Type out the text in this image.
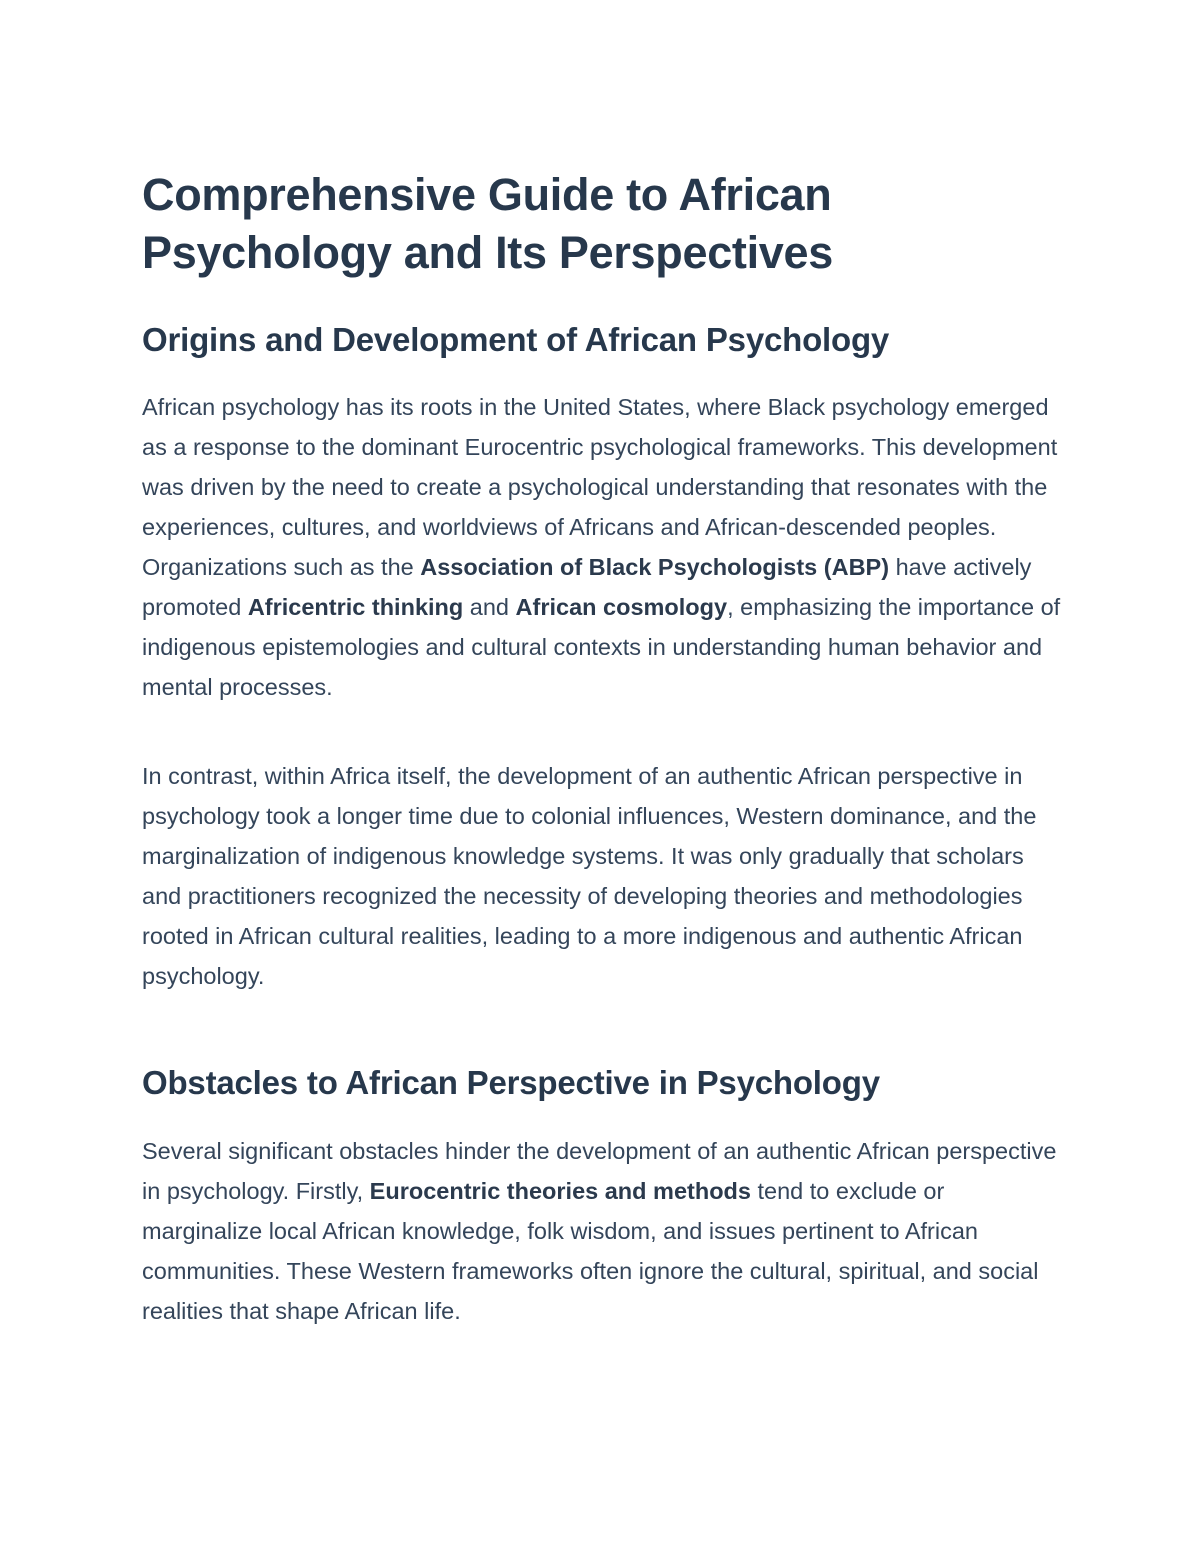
Comprehensive Guide to African Psychology and Its Perspectives
Origins and Development of African Psychology

African psychology has its roots in the United States, where Black psychology emerged as a response to the dominant Eurocentric psychological frameworks. This development was driven by the need to create a psychological understanding that resonates with the experiences, cultures, and worldviews of Africans and African-descended peoples. Organizations such as the Association of Black Psychologists (ABP) have actively promoted Africentric thinking and African cosmology, emphasizing the importance of indigenous epistemologies and cultural contexts in understanding human behavior and mental processes.

In contrast, within Africa itself, the development of an authentic African perspective in psychology took a longer time due to colonial influences, Western dominance, and the marginalization of indigenous knowledge systems. It was only gradually that scholars and practitioners recognized the necessity of developing theories and methodologies rooted in African cultural realities, leading to a more indigenous and authentic African psychology.

Obstacles to African Perspective in Psychology

Several significant obstacles hinder the development of an authentic African perspective in psychology. Firstly, Eurocentric theories and methods tend to exclude or marginalize local African knowledge, folk wisdom, and issues pertinent to African communities. These Western frameworks often ignore the cultural, spiritual, and social realities that shape African life.
